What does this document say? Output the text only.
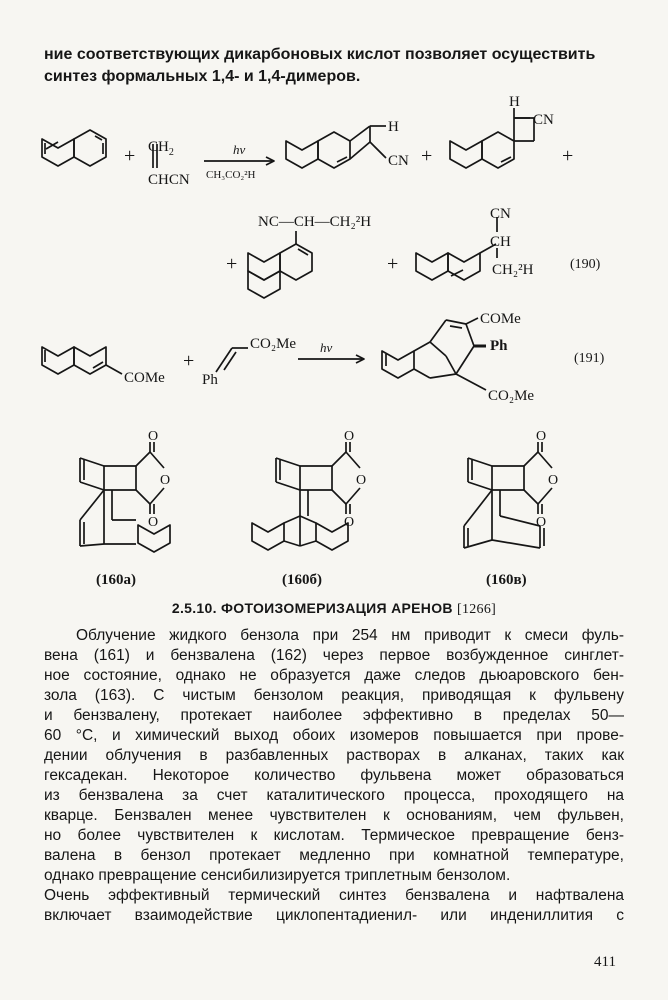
ние соответствующих дикарбоновых кислот позволяет осуществить

синтез формальных 1,4- и 1,4-димеров.

+ $CH_2$
CHCN
hν
CH₃CO₂²H
H
CN +
H
CN
+
+
NC—CH—CH₂²H
+
CN
CH
CH₂²H	(190)
COMe
+
CO₂Me
Ph
hν
COMe
Ph
CO₂Me
(191)
O
O
O
(160а)
O
O
O
(160б)
O
O
O
(160в)
2.5.10. ФОТОИЗОМЕРИЗАЦИЯ АРЕНОВ [1266]
Облучение жидкого бензола при 254 нм приводит к смеси фуль-
вена (161) и бензвалена (162) через первое возбужденное синглет-
ное состояние, однако не образуется даже следов дьюаровского бен-
зола (163). С чистым бензолом реакция, приводящая к фульвену
и бензвалену, протекает наиболее эффективно в пределах 50—
60 °С, и химический выход обоих изомеров повышается при прове-
дении облучения в разбавленных растворах в алканах, таких как
гексадекан. Некоторое количество фульвена может образоваться
из бензвалена за счет каталитического процесса, проходящего на
кварце. Бензвален менее чувствителен к основаниям, чем фульвен,
но более чувствителен к кислотам. Термическое превращение бенз-
валена в бензол протекает медленно при комнатной температуре,
однако превращение сенсибилизируется триплетным бензолом.
Очень эффективный термический синтез бензвалена и нафтвалена
включает взаимодействие циклопентадиенил- или индениллития с
411
